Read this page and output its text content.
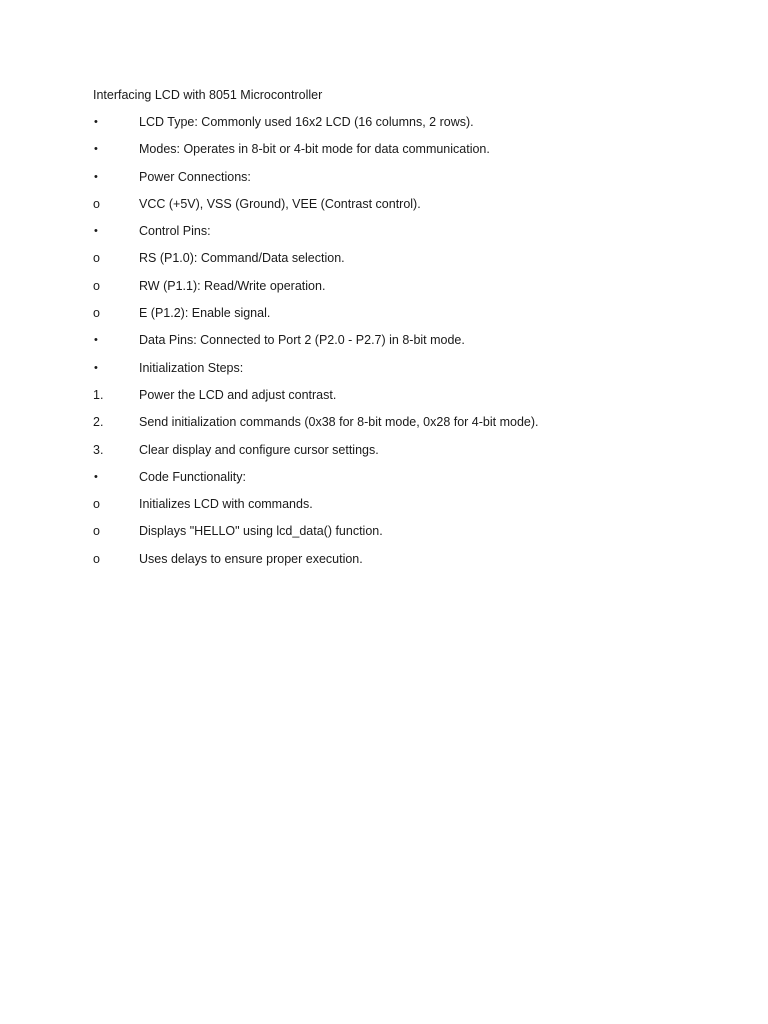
Interfacing LCD with 8051 Microcontroller
•	LCD Type: Commonly used 16x2 LCD (16 columns, 2 rows).
•	Modes: Operates in 8-bit or 4-bit mode for data communication.
•	Power Connections:
o	VCC (+5V), VSS (Ground), VEE (Contrast control).
•	Control Pins:
o	RS (P1.0): Command/Data selection.
o	RW (P1.1): Read/Write operation.
o	E (P1.2): Enable signal.
•	Data Pins: Connected to Port 2 (P2.0 - P2.7) in 8-bit mode.
•	Initialization Steps:
1.	Power the LCD and adjust contrast.
2.	Send initialization commands (0x38 for 8-bit mode, 0x28 for 4-bit mode).
3.	Clear display and configure cursor settings.
•	Code Functionality:
o	Initializes LCD with commands.
o	Displays "HELLO" using lcd_data() function.
o	Uses delays to ensure proper execution.
